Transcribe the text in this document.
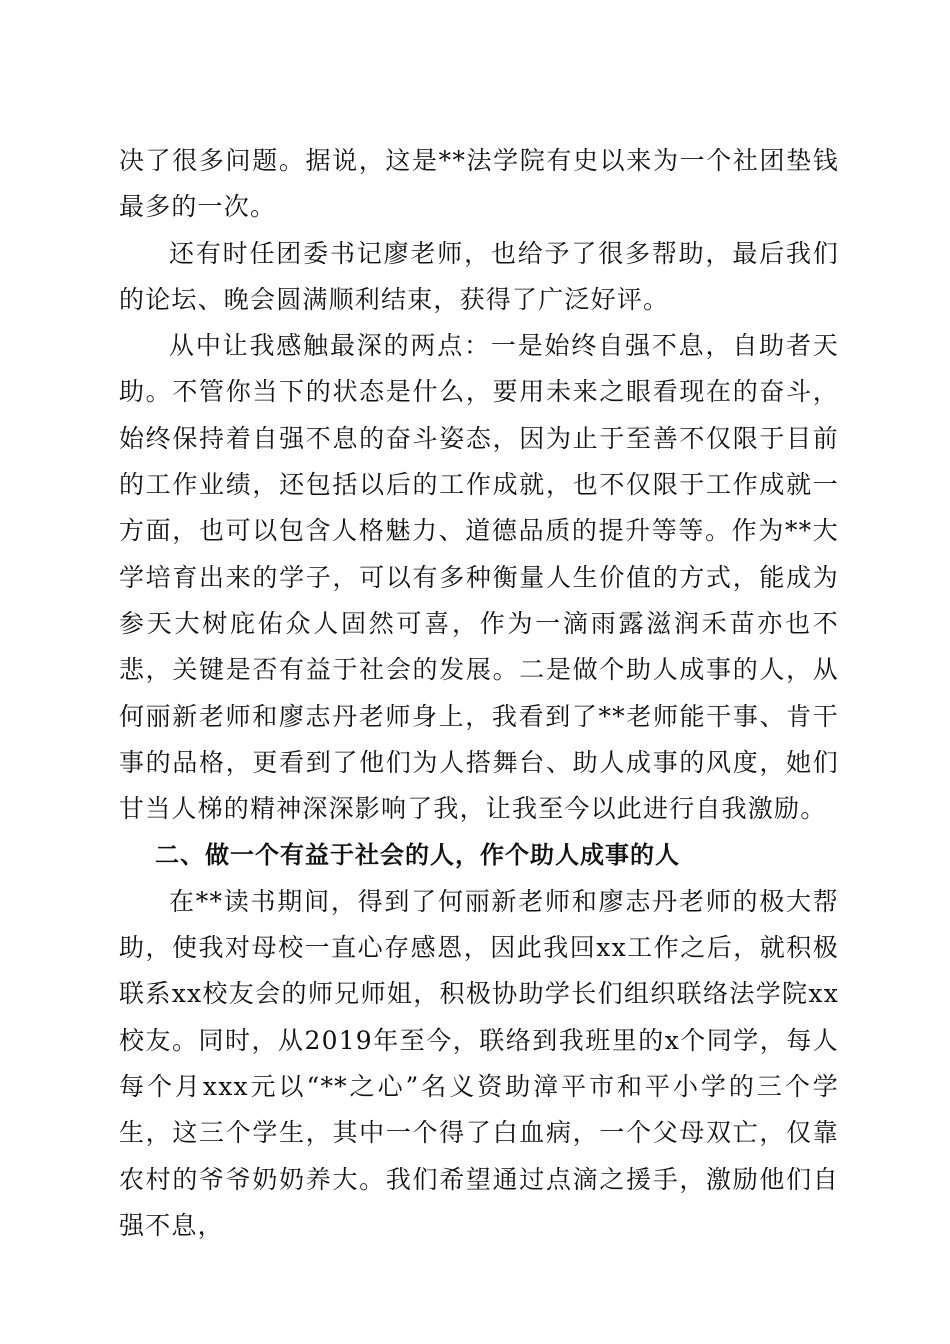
决了很多问题。据说，这是**法学院有史以来为一个社团垫钱最多的一次。

还有时任团委书记廖老师，也给予了很多帮助，最后我们的论坛、晚会圆满顺利结束，获得了广泛好评。

从中让我感触最深的两点：一是始终自强不息，自助者天助。不管你当下的状态是什么，要用未来之眼看现在的奋斗，始终保持着自强不息的奋斗姿态，因为止于至善不仅限于目前的工作业绩，还包括以后的工作成就，也不仅限于工作成就一方面，也可以包含人格魅力、道德品质的提升等等。作为**大学培育出来的学子，可以有多种衡量人生价值的方式，能成为参天大树庇佑众人固然可喜，作为一滴雨露滋润禾苗亦也不悲，关键是否有益于社会的发展。二是做个助人成事的人，从何丽新老师和廖志丹老师身上，我看到了**老师能干事、肯干事的品格，更看到了他们为人搭舞台、助人成事的风度，她们甘当人梯的精神深深影响了我，让我至今以此进行自我激励。

二、做一个有益于社会的人，作个助人成事的人

在**读书期间，得到了何丽新老师和廖志丹老师的极大帮助，使我对母校一直心存感恩，因此我回xx工作之后，就积极联系xx校友会的师兄师姐，积极协助学长们组织联络法学院xx校友。同时，从2019年至今，联络到我班里的x个同学，每人每个月xxx元以“**之心”名义资助漳平市和平小学的三个学生，这三个学生，其中一个得了白血病，一个父母双亡，仅靠农村的爷爷奶奶养大。我们希望通过点滴之援手，激励他们自强不息，
